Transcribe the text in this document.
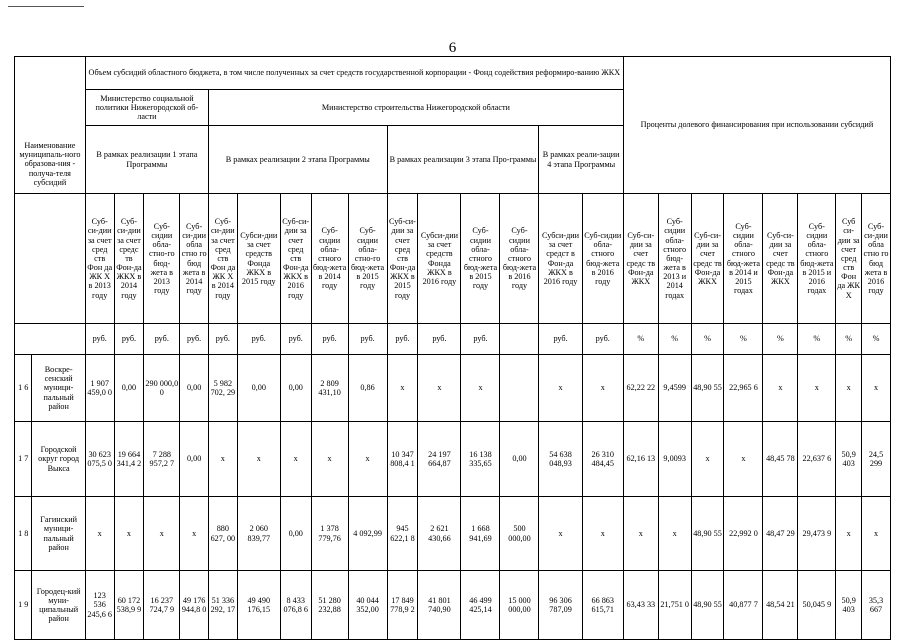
6
Наименование муниципаль-ного образова-ния - получа-теля субсидий		Объем субсидий областного бюджета, в том числе полученных за счет средств государственной корпорации - Фонд содействия реформиро-ванию ЖКХ															Проценты долевого финансирования при использовании субсидий							
		Министерство социальной политики Нижегородской об-ласти				Министерство строительства Нижегородской области																		
		В рамках реализации 1 этапа Программы				В рамках реализации 2 этапа Программы					В рамках реализации 3 этапа Про-граммы				В рамках реали-зации 4 этапа Программы									

		Суб-си-дии за счет сред ств Фон да ЖК Х в 2013 году	Суб-си-дии за счет средс тв Фон-да ЖКХ в 2014 году	Суб-сидии обла-стно-го бюд-жета в 2013 году	Суб-си-дии обла стно го бюд жета в 2014 году	Суб-си-дии за счет сред ств Фон да ЖК Х в 2014 году	Субси-дии за счет средств Фонда ЖКХ в 2015 году	Суб-си-дии за счет сред ств Фон-да ЖКХ в 2016 году	Суб-сидии обла-стного бюд-жета в 2014 году	Суб-сидии обла-стно-го бюд-жета в 2015 году	Суб-си-дии за счет сред ств Фон-да ЖКХ в 2015 году	Субси-дии за счет средств Фонда ЖКХ в 2016 году	Суб-сидии обла-стного бюд-жета в 2015 году	Суб-сидии обла-стного бюд-жета в 2016 году	Субси-дии за счет средст в Фон-да ЖКХ в 2016 году	Суб-сидии обла-стного бюд-жета в 2016 году	Суб-си-дии за счет средс тв Фон-да ЖКХ	Суб-сидии обла-стного бюд-жета в 2013 и 2014 годах	Суб-си-дии за счет средс тв Фон-да ЖКХ	Суб-сидии обла-стного бюд-жета в 2014 и 2015 годах	Суб-си-дии за счет средс тв Фон-да ЖКХ	Суб-сидии обла-стного бюд-жета в 2015 и 2016 годах	Суб си-дии за счет сред ств Фон да ЖК Х	Суб-си-дии обла стно го бюд жета в 2016 году
		руб.	руб.	руб.	руб.	руб.	руб.	руб.	руб.	руб.	руб.	руб.	руб.		руб.	руб.	%	%	%	%	%	%	%	%
1 6	Воскре-сенский муници-пальный район	1 907 459,0 0	0,00	290 000,0 0	0,00	5 982 702, 29	0,00	0,00	2 809 431,10	0,86	x	x	x		x	x	62,22 22	9,4599	48,90 55	22,965 6	x	x	x	x
1 7	Городской округ город Выкса	30 623 075,5 0	19 664 341,4 2	7 288 957,2 7	0,00	x	x	x	x	x	10 347 808,4 1	24 197 664,87	16 138 335,65	0,00	54 638 048,93	26 310 484,45	62,16 13	9,0093	x	x	48,45 78	22,637 6	50,9 403	24,5 299
1 8	Гагинский муници-пальный район	x	x	x	x	880 627, 00	2 060 839,77	0,00	1 378 779,76	4 092,99	945 622,1 8	2 621 430,66	1 668 941,69	500 000,00	x	x	x	x	48,90 55	22,992 0	48,47 29	29,473 9	x	x
1 9	Городец-кий муни-ципальный район	123 536 245,6 6	60 172 538,9 9	16 237 724,7 9	49 176 944,8 0	51 336 292, 17	49 490 176,15	8 433 076,8 6	51 280 232,88	40 044 352,00	17 849 778,9 2	41 801 740,90	46 499 425,14	15 000 000,00	96 306 787,09	66 863 615,71	63,43 33	21,751 0	48,90 55	40,877 7	48,54 21	50,045 9	50,9 403	35,3 667
